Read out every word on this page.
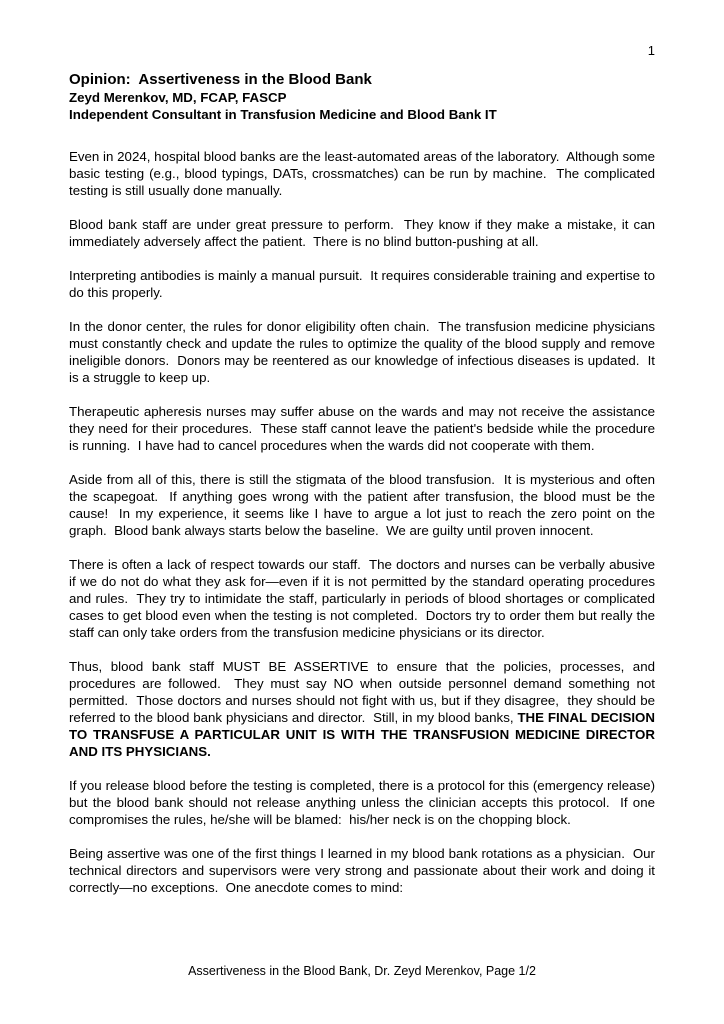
1
Opinion:  Assertiveness in the Blood Bank
Zeyd Merenkov, MD, FCAP, FASCP
Independent Consultant in Transfusion Medicine and Blood Bank IT

Even in 2024, hospital blood banks are the least-automated areas of the laboratory.  Although some basic testing (e.g., blood typings, DATs, crossmatches) can be run by machine.  The complicated testing is still usually done manually.

Blood bank staff are under great pressure to perform.  They know if they make a mistake, it can immediately adversely affect the patient.  There is no blind button-pushing at all.

Interpreting antibodies is mainly a manual pursuit.  It requires considerable training and expertise to do this properly.

In the donor center, the rules for donor eligibility often chain.  The transfusion medicine physicians must constantly check and update the rules to optimize the quality of the blood supply and remove ineligible donors.  Donors may be reentered as our knowledge of infectious diseases is updated.  It is a struggle to keep up.

Therapeutic apheresis nurses may suffer abuse on the wards and may not receive the assistance they need for their procedures.  These staff cannot leave the patient's bedside while the procedure is running.  I have had to cancel procedures when the wards did not cooperate with them.

Aside from all of this, there is still the stigmata of the blood transfusion.  It is mysterious and often the scapegoat.  If anything goes wrong with the patient after transfusion, the blood must be the cause!  In my experience, it seems like I have to argue a lot just to reach the zero point on the graph.  Blood bank always starts below the baseline.  We are guilty until proven innocent.

There is often a lack of respect towards our staff.  The doctors and nurses can be verbally abusive if we do not do what they ask for—even if it is not permitted by the standard operating procedures and rules.  They try to intimidate the staff, particularly in periods of blood shortages or complicated cases to get blood even when the testing is not completed.  Doctors try to order them but really the staff can only take orders from the transfusion medicine physicians or its director.

Thus, blood bank staff MUST BE ASSERTIVE to ensure that the policies, processes, and procedures are followed.  They must say NO when outside personnel demand something not permitted.  Those doctors and nurses should not fight with us, but if they disagree,  they should be referred to the blood bank physicians and director.  Still, in my blood banks, THE FINAL DECISION TO TRANSFUSE A PARTICULAR UNIT IS WITH THE TRANSFUSION MEDICINE DIRECTOR AND ITS PHYSICIANS.

If you release blood before the testing is completed, there is a protocol for this (emergency release) but the blood bank should not release anything unless the clinician accepts this protocol.  If one compromises the rules, he/she will be blamed:  his/her neck is on the chopping block.

Being assertive was one of the first things I learned in my blood bank rotations as a physician.  Our technical directors and supervisors were very strong and passionate about their work and doing it correctly—no exceptions.  One anecdote comes to mind:

Assertiveness in the Blood Bank, Dr. Zeyd Merenkov, Page 1/2
